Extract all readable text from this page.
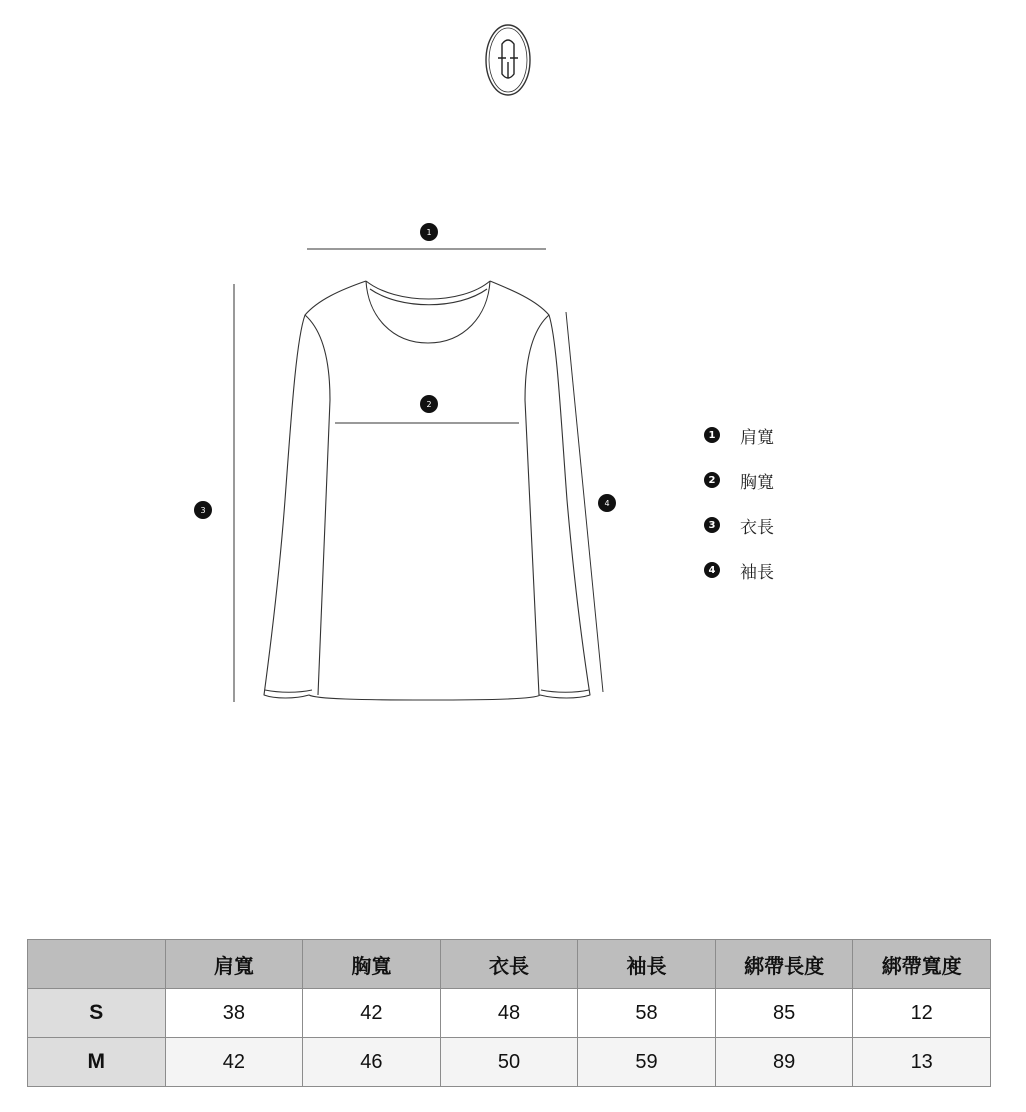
1
2
3
4
1 肩寬
2 胸寬
3 衣長
4 袖長
	肩寬	胸寬	衣長	袖長	綁帶長度	綁帶寬度
S	38	42	48	58	85	12
M	42	46	50	59	89	13
